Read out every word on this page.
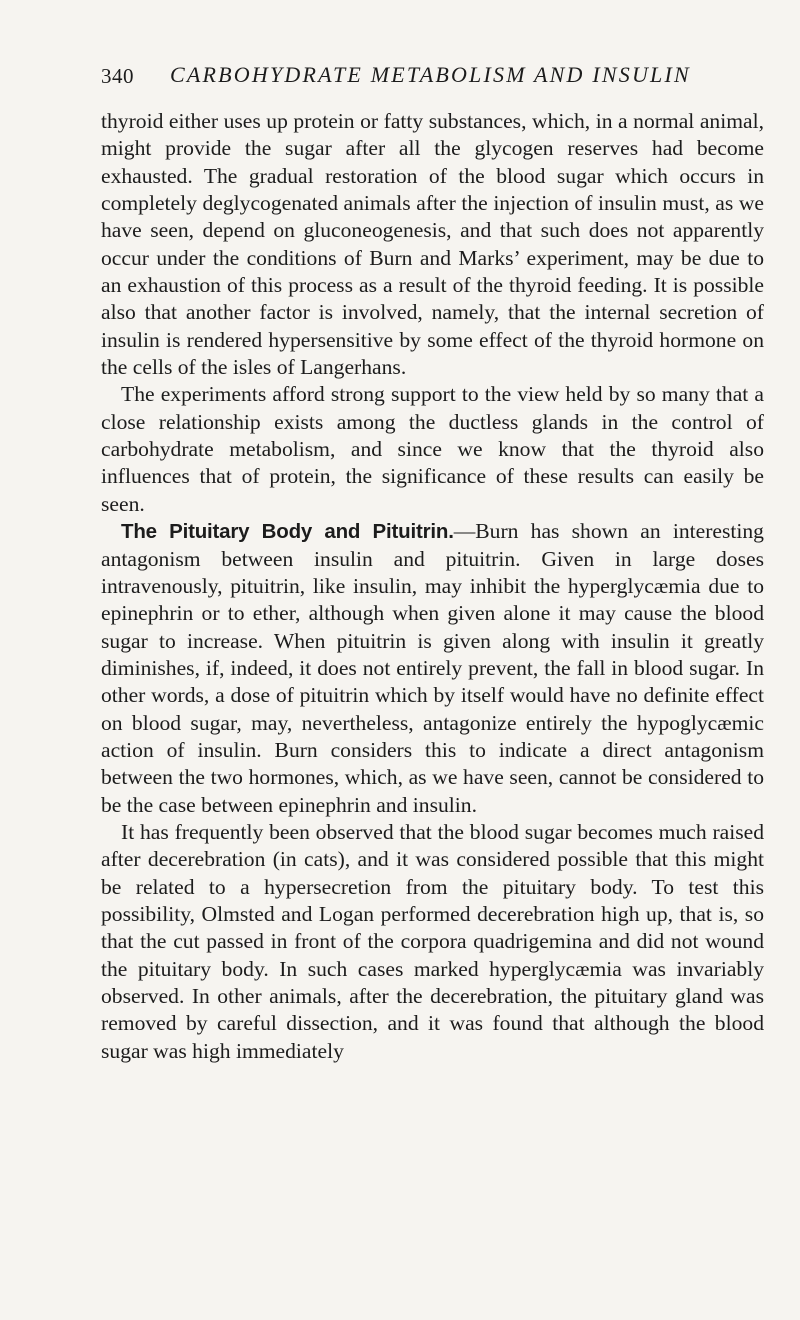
340 CARBOHYDRATE METABOLISM AND INSULIN

thyroid either uses up protein or fatty substances, which, in a normal animal, might provide the sugar after all the glycogen reserves had become exhausted. The gradual restoration of the blood sugar which occurs in completely deglycogenated animals after the injection of insulin must, as we have seen, depend on gluconeogenesis, and that such does not apparently occur under the conditions of Burn and Marks’ experiment, may be due to an exhaustion of this process as a result of the thyroid feeding. It is possible also that another factor is involved, namely, that the internal secretion of insulin is rendered hypersensitive by some effect of the thyroid hormone on the cells of the isles of Langerhans.

The experiments afford strong support to the view held by so many that a close relationship exists among the ductless glands in the control of carbohydrate metabolism, and since we know that the thyroid also influences that of protein, the significance of these results can easily be seen.

The Pituitary Body and Pituitrin.—Burn has shown an interesting antagonism between insulin and pituitrin. Given in large doses intravenously, pituitrin, like insulin, may inhibit the hyperglycæmia due to epinephrin or to ether, although when given alone it may cause the blood sugar to increase. When pituitrin is given along with insulin it greatly diminishes, if, indeed, it does not entirely prevent, the fall in blood sugar. In other words, a dose of pituitrin which by itself would have no definite effect on blood sugar, may, nevertheless, antagonize entirely the hypoglycæmic action of insulin. Burn considers this to indicate a direct antagonism between the two hormones, which, as we have seen, cannot be considered to be the case between epinephrin and insulin.

It has frequently been observed that the blood sugar becomes much raised after decerebration (in cats), and it was considered possible that this might be related to a hypersecretion from the pituitary body. To test this possibility, Olmsted and Logan performed decerebration high up, that is, so that the cut passed in front of the corpora quadrigemina and did not wound the pituitary body. In such cases marked hyperglycæmia was invariably observed. In other animals, after the decerebration, the pituitary gland was removed by careful dissection, and it was found that although the blood sugar was high immediately
